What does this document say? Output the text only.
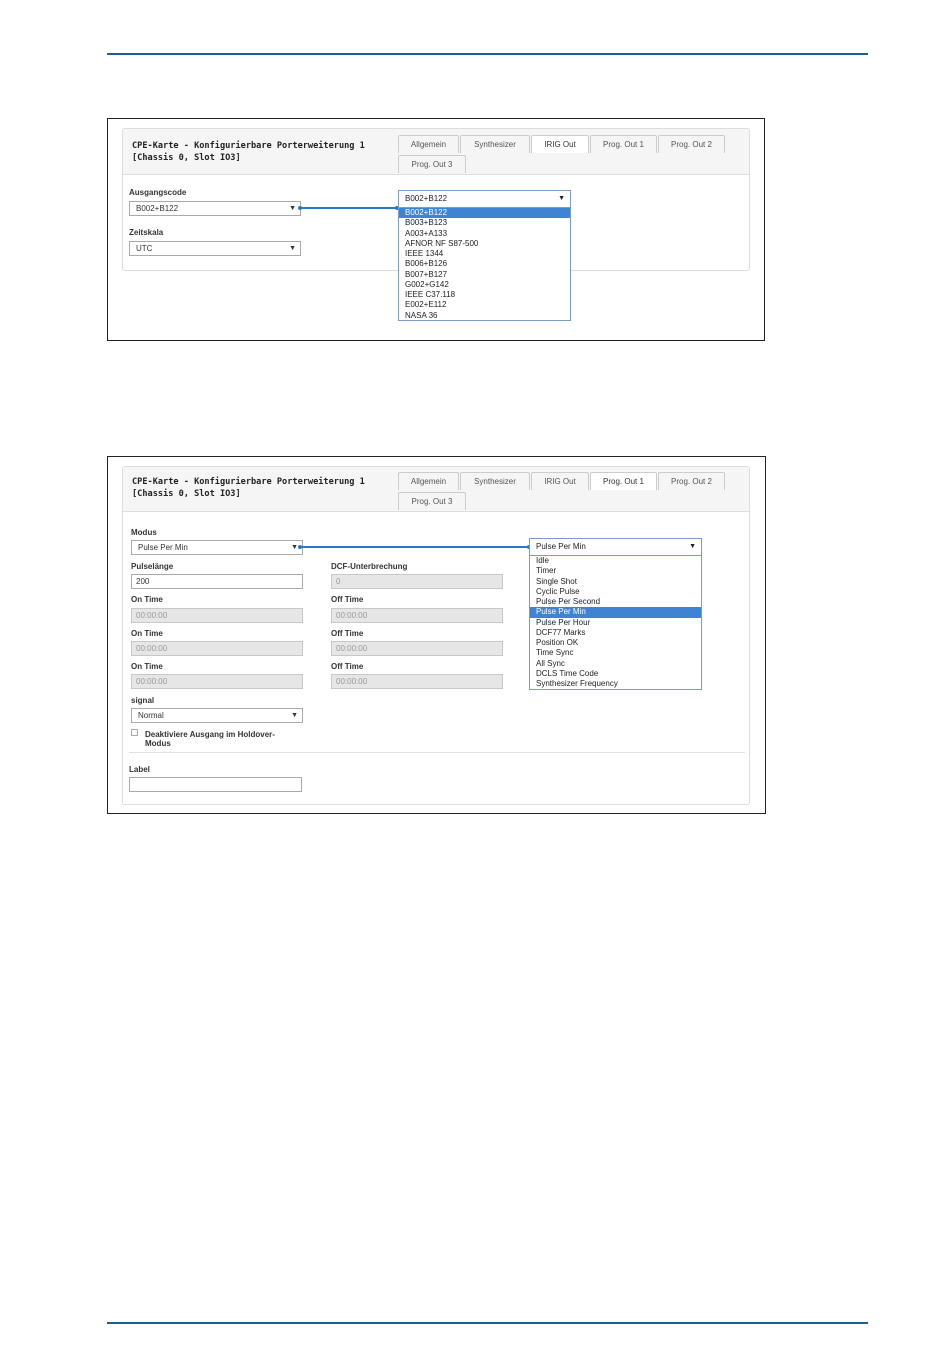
CPE-Karte - Konfigurierbare Porterweiterung 1
[Chassis 0, Slot IO3]
Allgemein	Synthesizer	IRIG Out	Prog. Out 1	Prog. Out 2
Prog. Out 3
Ausgangscode
B002+B122	▼
Zeitskala
UTC	▼
B002+B122	▼
B002+B122
B003+B123
A003+A133
AFNOR NF S87-500
IEEE 1344
B006+B126
B007+B127
G002+G142
IEEE C37.118
E002+E112
NASA 36
CPE-Karte - Konfigurierbare Porterweiterung 1
[Chassis 0, Slot IO3]
Allgemein	Synthesizer	IRIG Out	Prog. Out 1	Prog. Out 2
Prog. Out 3
Modus
Pulse Per Min	▼
Pulselänge
200
DCF-Unterbrechung
0
On Time
00:00:00
Off Time
00:00:00
On Time
00:00:00
Off Time
00:00:00
On Time
00:00:00
Off Time
00:00:00
signal
Normal	▼
Deaktiviere Ausgang im Holdover-
Modus
Label
Pulse Per Min	▼
Idle
Timer
Single Shot
Cyclic Pulse
Pulse Per Second
Pulse Per Min
Pulse Per Hour
DCF77 Marks
Position OK
Time Sync
All Sync
DCLS Time Code
Synthesizer Frequency
